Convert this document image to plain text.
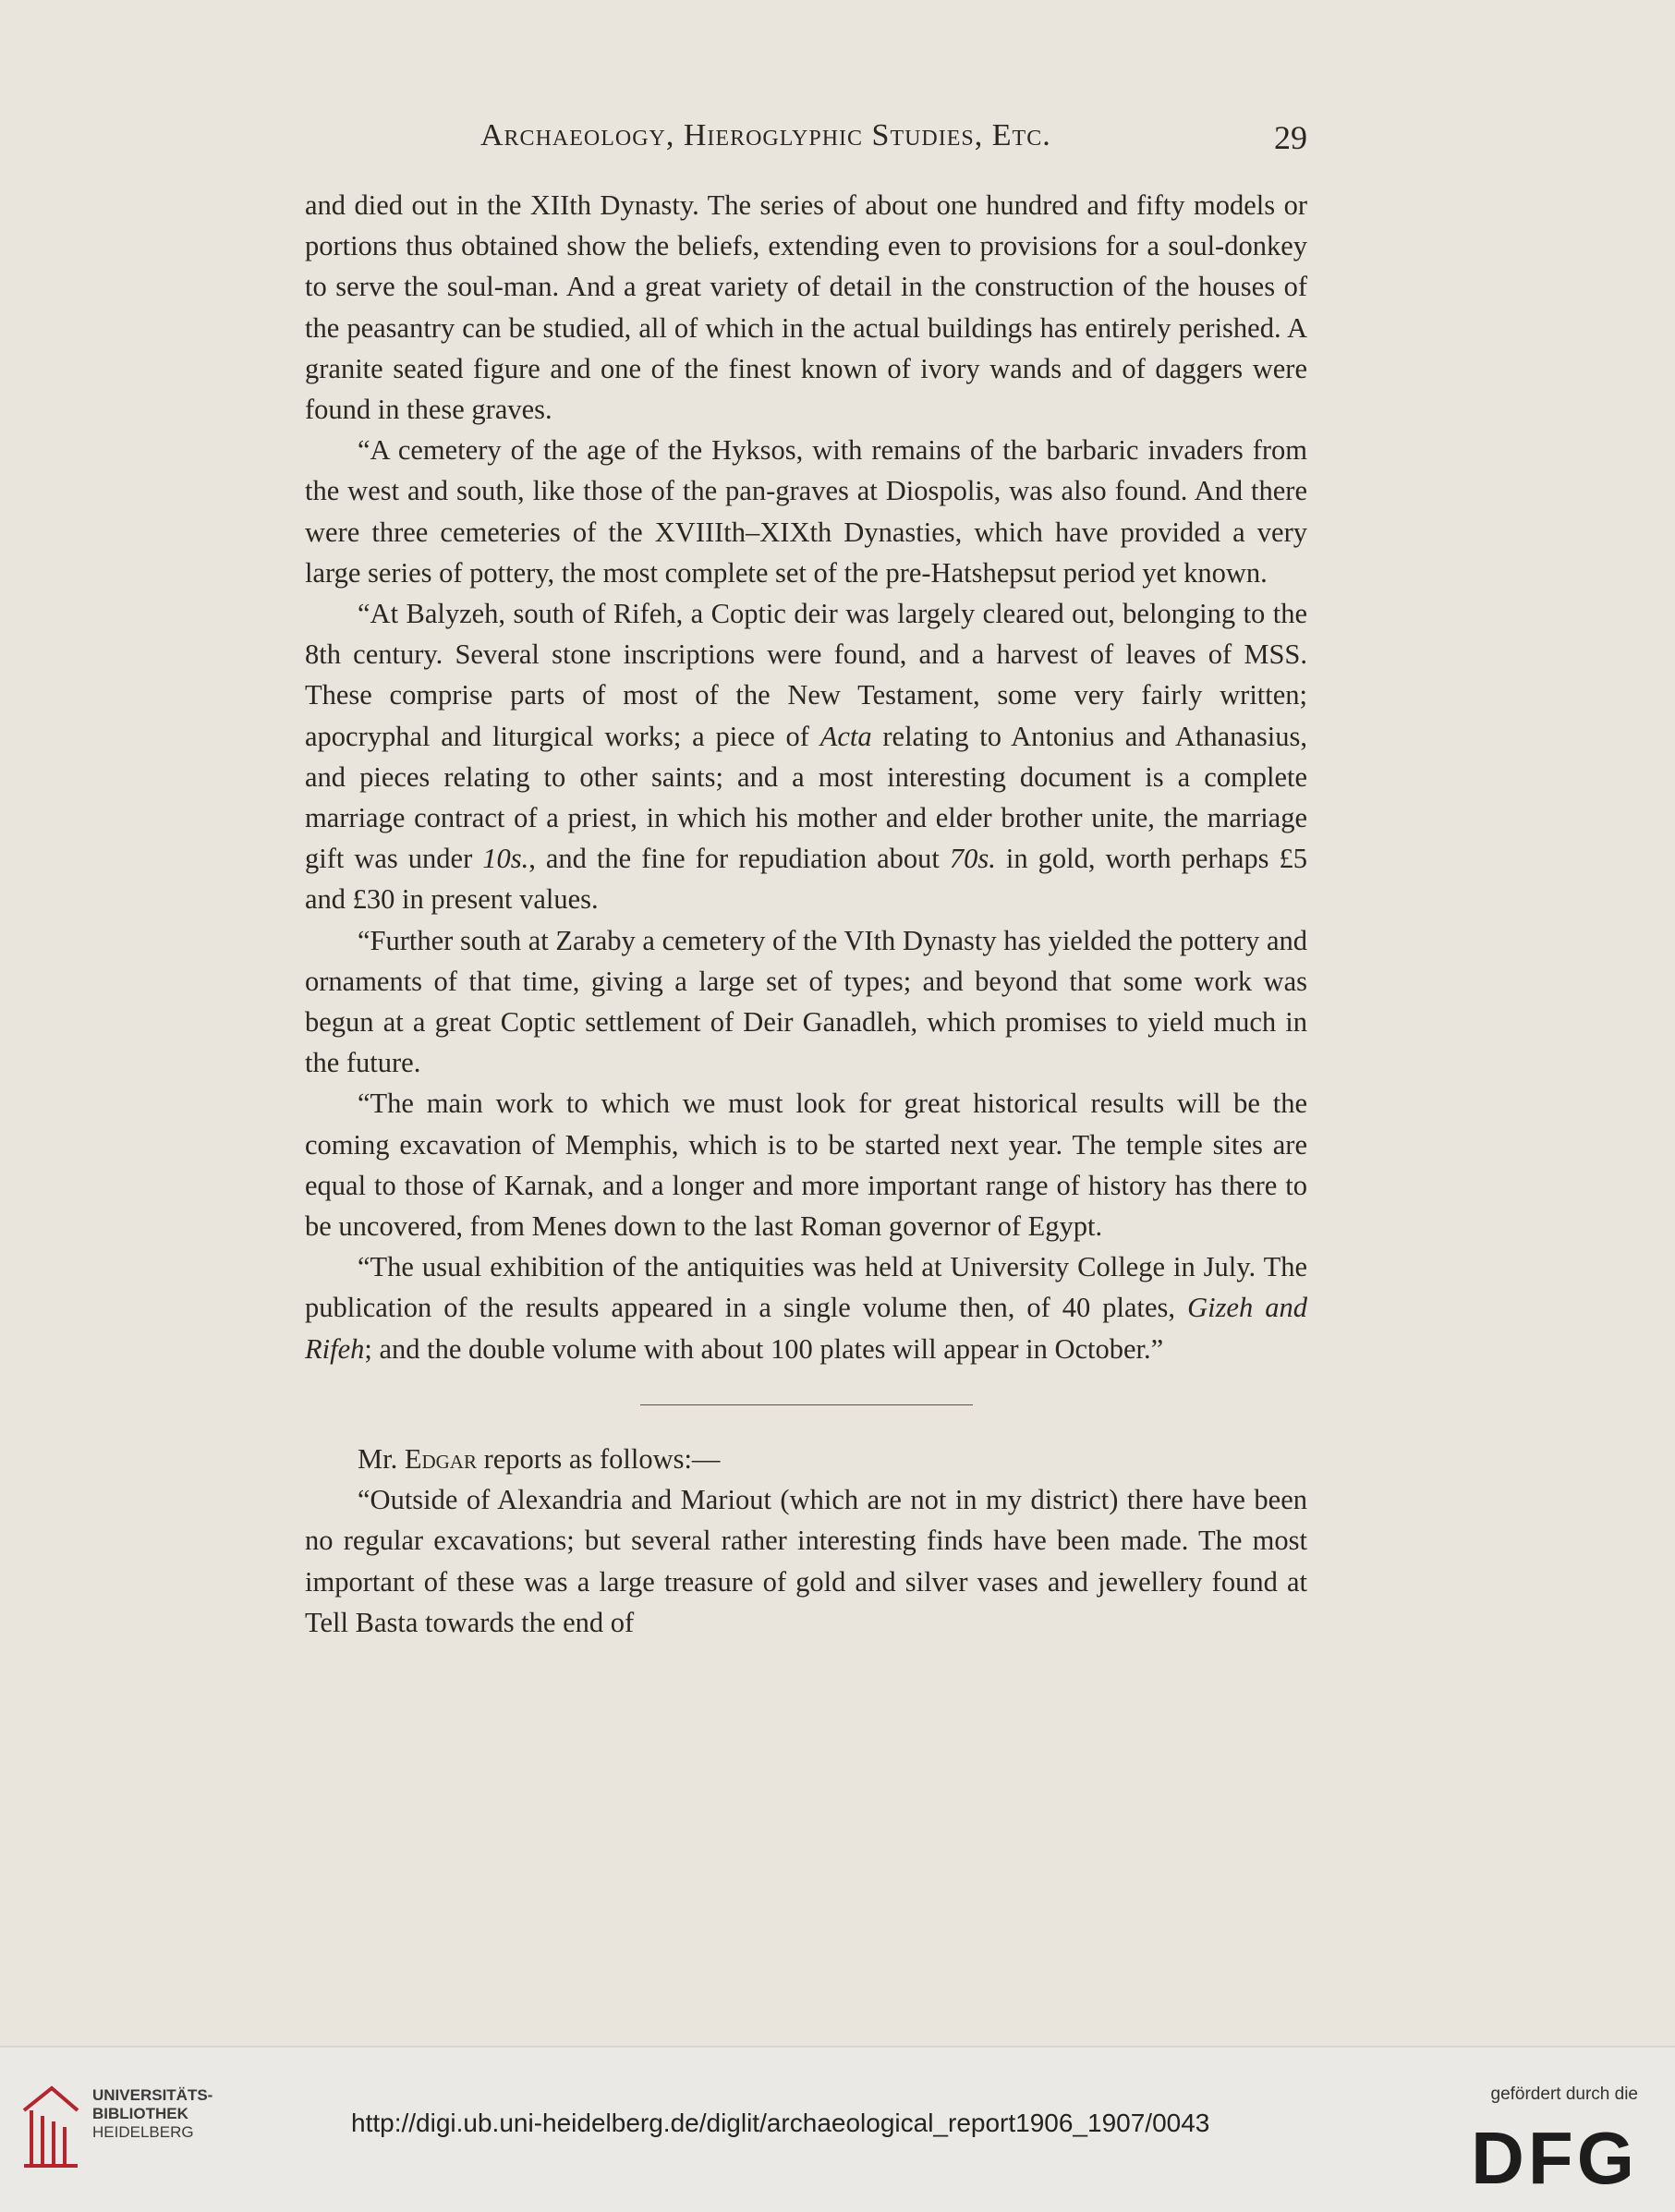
Archaeology, Hieroglyphic Studies, Etc.	29

and died out in the XIIth Dynasty. The series of about one hundred and fifty models or portions thus obtained show the beliefs, extending even to provisions for a soul-donkey to serve the soul-man. And a great variety of detail in the construction of the houses of the peasantry can be studied, all of which in the actual buildings has entirely perished. A granite seated figure and one of the finest known of ivory wands and of daggers were found in these graves.

“A cemetery of the age of the Hyksos, with remains of the barbaric invaders from the west and south, like those of the pan-graves at Diospolis, was also found. And there were three cemeteries of the XVIIIth–XIXth Dynasties, which have provided a very large series of pottery, the most complete set of the pre-Hatshepsut period yet known.

“At Balyzeh, south of Rifeh, a Coptic deir was largely cleared out, belonging to the 8th century. Several stone inscriptions were found, and a harvest of leaves of MSS. These comprise parts of most of the New Testament, some very fairly written; apocryphal and liturgical works; a piece of Acta relating to Antonius and Athanasius, and pieces relating to other saints; and a most interesting document is a complete marriage contract of a priest, in which his mother and elder brother unite, the marriage gift was under 10s., and the fine for repudiation about 70s. in gold, worth perhaps £5 and £30 in present values.

“Further south at Zaraby a cemetery of the VIth Dynasty has yielded the pottery and ornaments of that time, giving a large set of types; and beyond that some work was begun at a great Coptic settlement of Deir Ganadleh, which promises to yield much in the future.

“The main work to which we must look for great historical results will be the coming excavation of Memphis, which is to be started next year. The temple sites are equal to those of Karnak, and a longer and more important range of history has there to be uncovered, from Menes down to the last Roman governor of Egypt.

“The usual exhibition of the antiquities was held at University College in July. The publication of the results appeared in a single volume then, of 40 plates, Gizeh and Rifeh; and the double volume with about 100 plates will appear in October.”

Mr. Edgar reports as follows:—

“Outside of Alexandria and Mariout (which are not in my district) there have been no regular excavations; but several rather interesting finds have been made. The most important of these was a large treasure of gold and silver vases and jewellery found at Tell Basta towards the end of

UNIVERSITÄTS-
BIBLIOTHEK
HEIDELBERG	http://digi.ub.uni-heidelberg.de/diglit/archaeological_report1906_1907/0043
gefördert durch die
DFG
